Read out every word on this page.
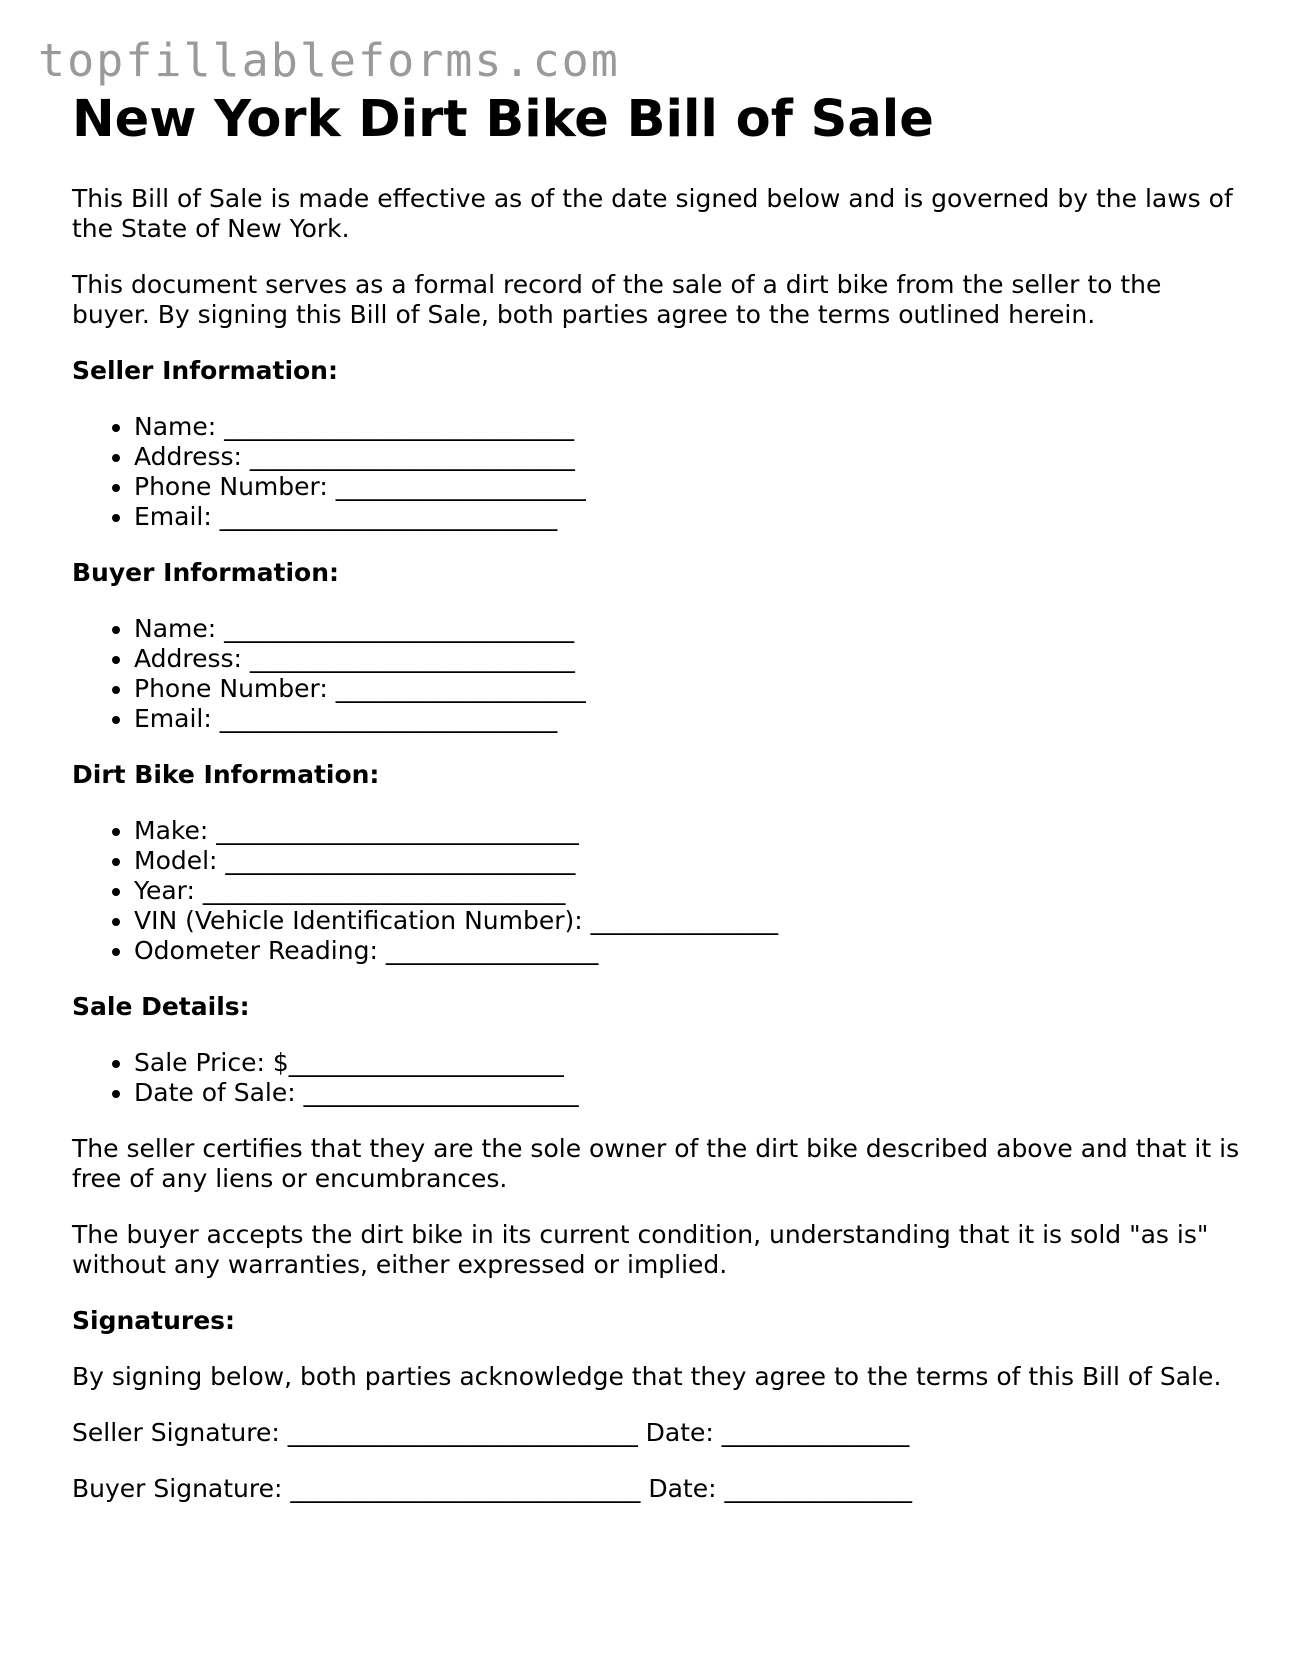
topfillableforms.com
New York Dirt Bike Bill of Sale

This Bill of Sale is made effective as of the date signed below and is governed by the laws of the State of New York.

This document serves as a formal record of the sale of a dirt bike from the seller to the buyer. By signing this Bill of Sale, both parties agree to the terms outlined herein.

Seller Information:

• Name: ____________________________
• Address: __________________________
• Phone Number: ____________________
• Email: ___________________________

Buyer Information:

• Name: ____________________________
• Address: __________________________
• Phone Number: ____________________
• Email: ___________________________

Dirt Bike Information:

• Make: _____________________________
• Model: ____________________________
• Year: _____________________________
• VIN (Vehicle Identification Number): _______________
• Odometer Reading: _________________

Sale Details:

• Sale Price: $______________________
• Date of Sale: ______________________

The seller certifies that they are the sole owner of the dirt bike described above and that it is free of any liens or encumbrances.

The buyer accepts the dirt bike in its current condition, understanding that it is sold "as is" without any warranties, either expressed or implied.

Signatures:

By signing below, both parties acknowledge that they agree to the terms of this Bill of Sale.

Seller Signature: ____________________________ Date: _______________

Buyer Signature: ____________________________ Date: _______________
